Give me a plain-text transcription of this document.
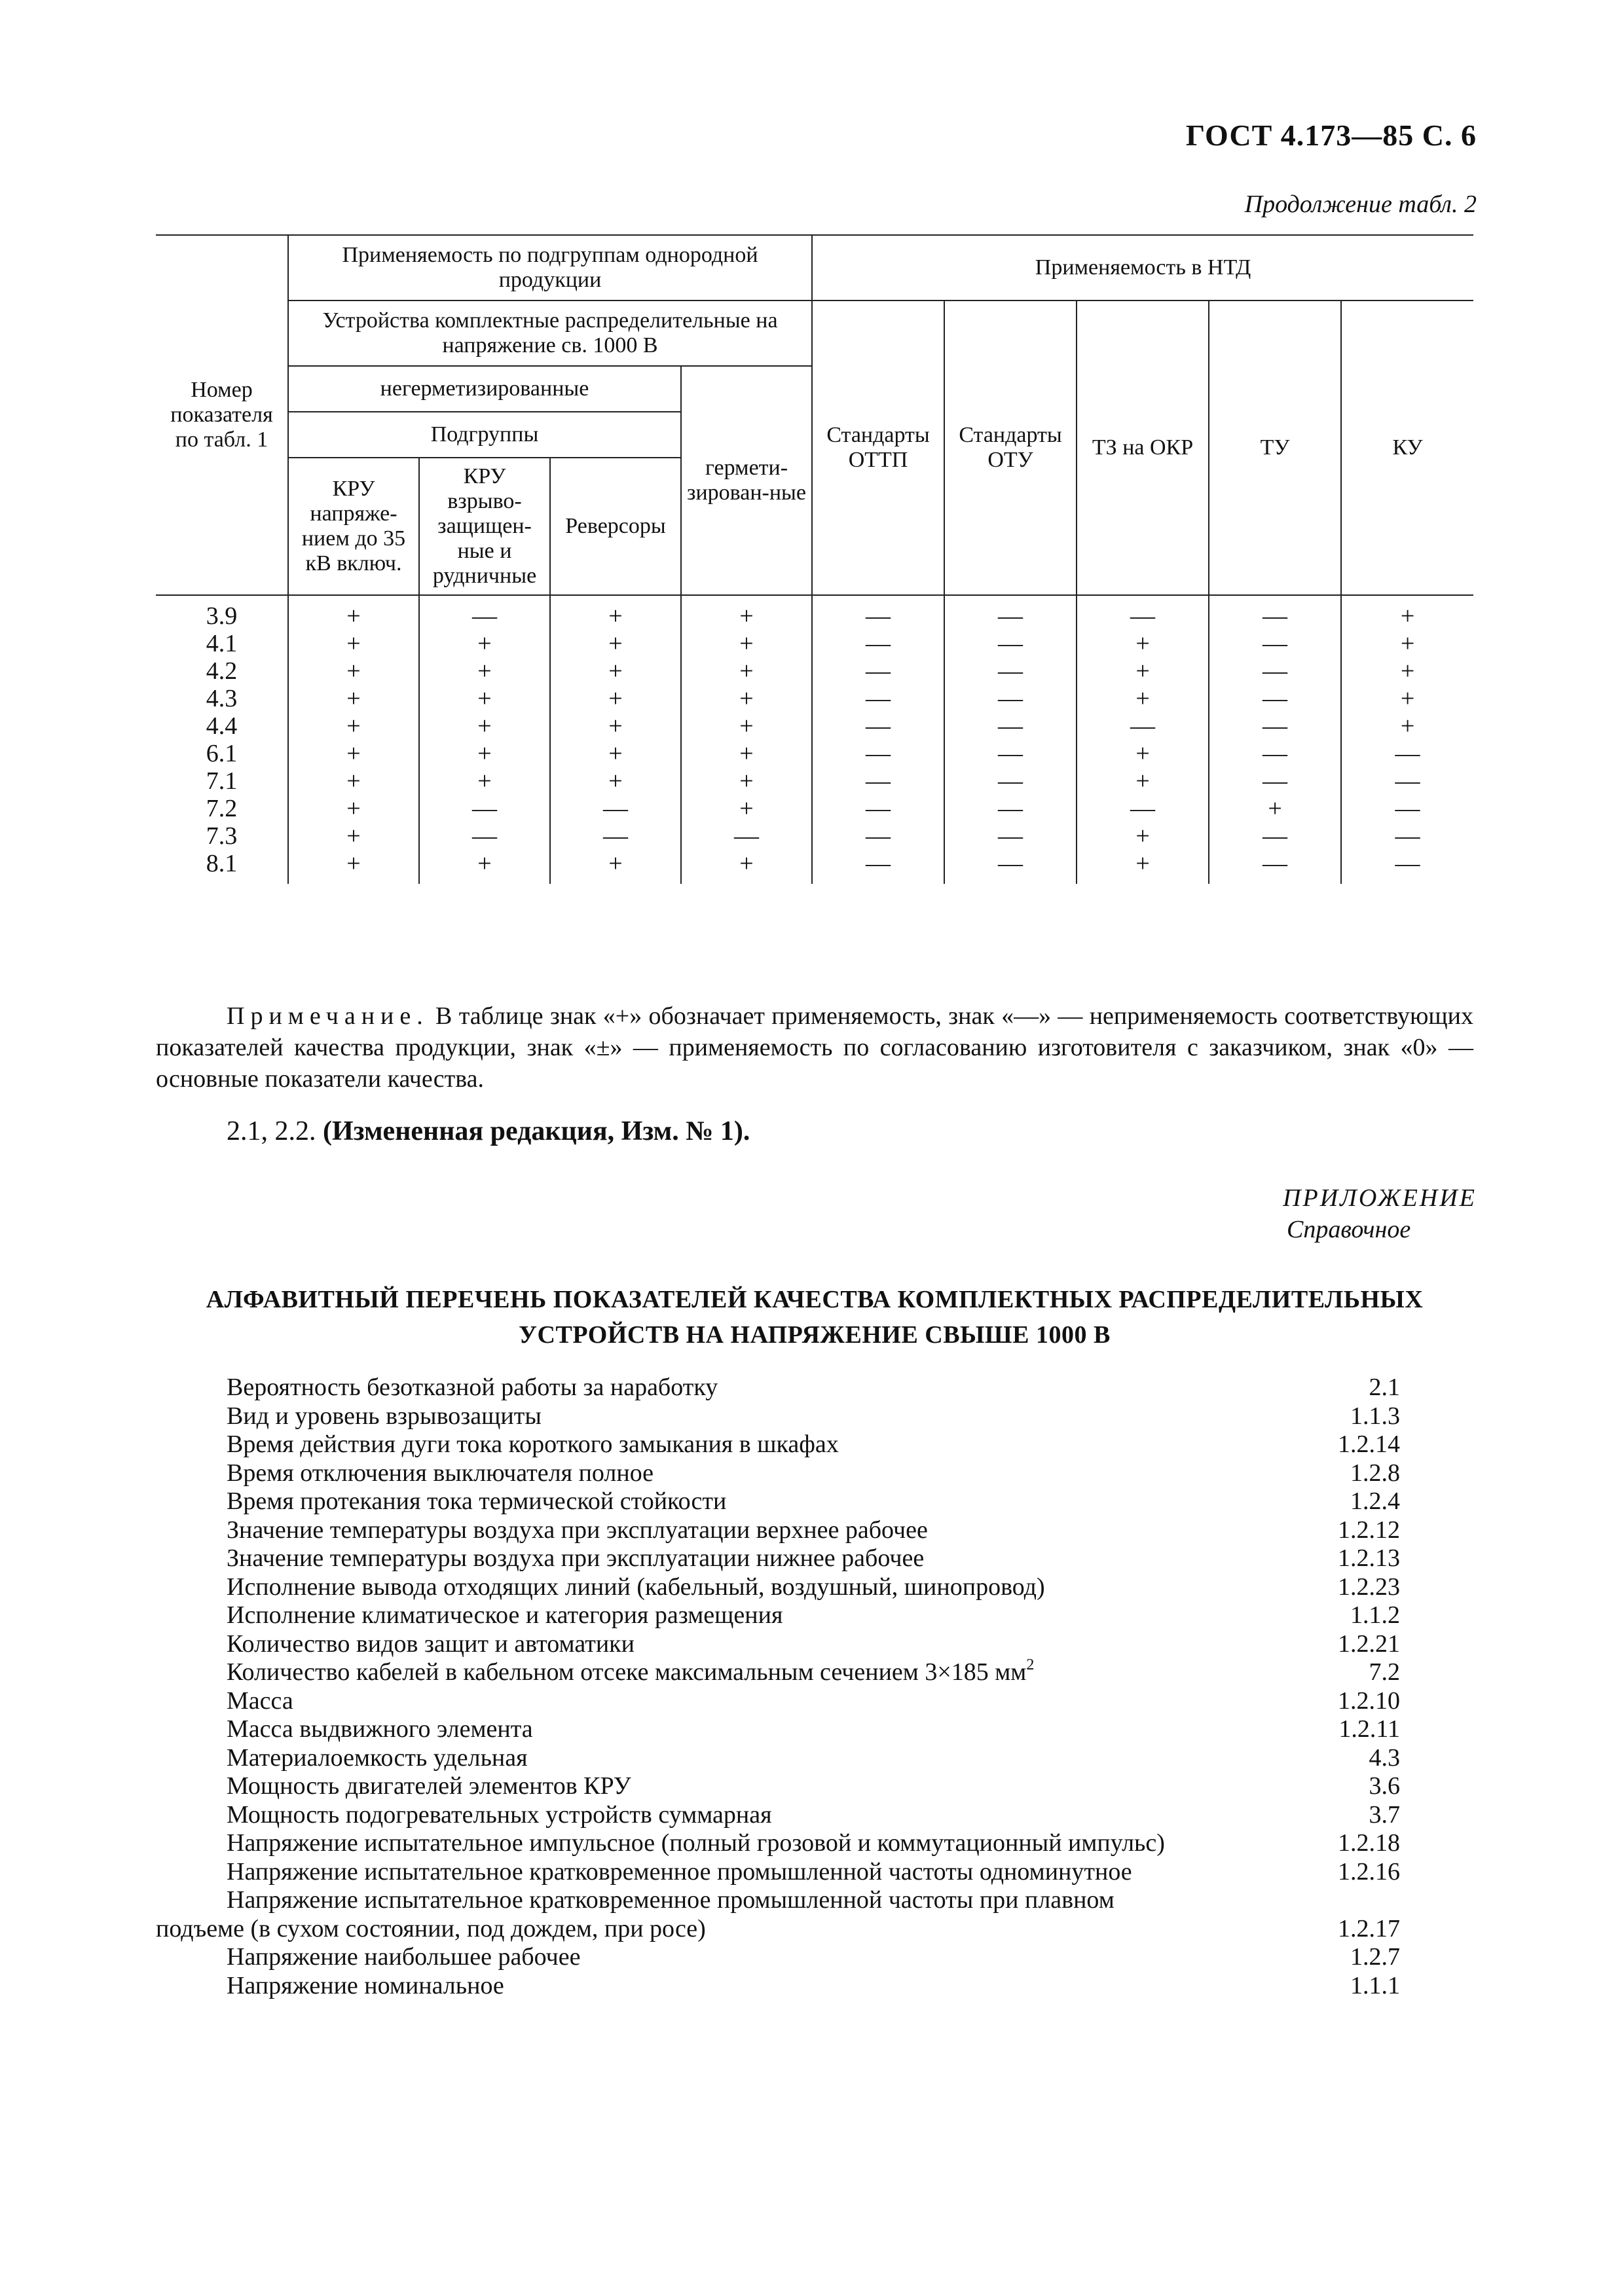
ГОСТ 4.173—85 С. 6
Продолжение табл. 2
Номер показателя по табл. 1	Применяемость по подгруппам однородной продукции				Применяемость в НТД				
	Устройства комплектные распределительные на напряжение св. 1000 В				Стандарты ОТТП	Стандарты ОТУ	ТЗ на ОКР	ТУ	КУ
	негерметизированные			гермети-зирован-ные					
	Подгруппы								
	КРУ напряже-нием до 35 кВ включ.	КРУ взрыво-защищен-ные и рудничные	Реверсоры						
3.9	+	—	+	+	—	—	—	—	+
4.1	+	+	+	+	—	—	+	—	+
4.2	+	+	+	+	—	—	+	—	+
4.3	+	+	+	+	—	—	+	—	+
4.4	+	+	+	+	—	—	—	—	+
6.1	+	+	+	+	—	—	+	—	—
7.1	+	+	+	+	—	—	+	—	—
7.2	+	—	—	+	—	—	—	+	—
7.3	+	—	—	—	—	—	+	—	—
8.1	+	+	+	+	—	—	+	—	—
Примечание. В таблице знак «+» обозначает применяемость, знак «—» — неприменяемость соответствующих показателей качества продукции, знак «±» — применяемость по согласованию изготовителя с заказчиком, знак «0» — основные показатели качества.
2.1, 2.2. (Измененная редакция, Изм. № 1).
ПРИЛОЖЕНИЕ
Справочное
АЛФАВИТНЫЙ ПЕРЕЧЕНЬ ПОКАЗАТЕЛЕЙ КАЧЕСТВА КОМПЛЕКТНЫХ РАСПРЕДЕЛИТЕЛЬНЫХ
УСТРОЙСТВ НА НАПРЯЖЕНИЕ СВЫШЕ 1000 В
Вероятность безотказной работы за наработку	2.1
Вид и уровень взрывозащиты	1.1.3
Время действия дуги тока короткого замыкания в шкафах	1.2.14
Время отключения выключателя полное	1.2.8
Время протекания тока термической стойкости	1.2.4
Значение температуры воздуха при эксплуатации верхнее рабочее	1.2.12
Значение температуры воздуха при эксплуатации нижнее рабочее	1.2.13
Исполнение вывода отходящих линий (кабельный, воздушный, шинопровод)	1.2.23
Исполнение климатическое и категория размещения	1.1.2
Количество видов защит и автоматики	1.2.21
Количество кабелей в кабельном отсеке максимальным сечением 3×185 $мм^2$	7.2
Масса	1.2.10
Масса выдвижного элемента	1.2.11
Материалоемкость удельная	4.3
Мощность двигателей элементов КРУ	3.6
Мощность подогревательных устройств суммарная	3.7
Напряжение испытательное импульсное (полный грозовой и коммутационный импульс)	1.2.18
Напряжение испытательное кратковременное промышленной частоты одноминутное	1.2.16
Напряжение испытательное кратковременное промышленной частоты при плавном
подъеме (в сухом состоянии, под дождем, при росе)	1.2.17
Напряжение наибольшее рабочее	1.2.7
Напряжение номинальное	1.1.1
